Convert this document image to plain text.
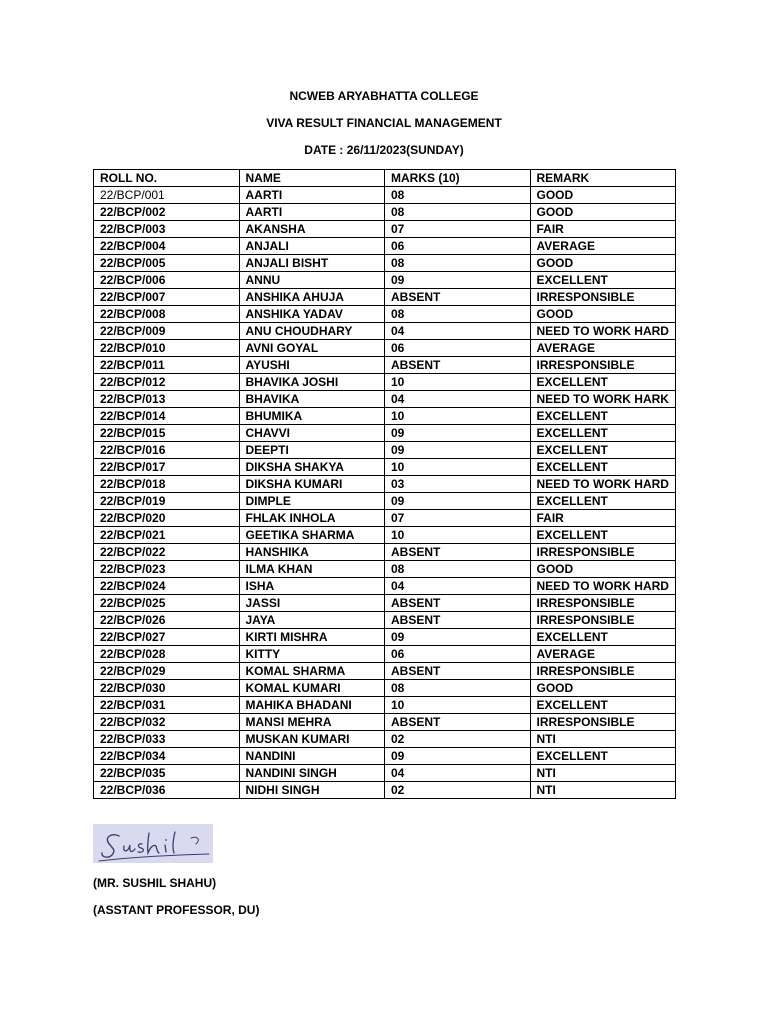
NCWEB ARYABHATTA COLLEGE
VIVA RESULT FINANCIAL MANAGEMENT
DATE : 26/11/2023(SUNDAY)
ROLL NO.	NAME	MARKS (10)	REMARK
22/BCP/001	AARTI	08	GOOD
22/BCP/002	AARTI	08	GOOD
22/BCP/003	AKANSHA	07	FAIR
22/BCP/004	ANJALI	06	AVERAGE
22/BCP/005	ANJALI BISHT	08	GOOD
22/BCP/006	ANNU	09	EXCELLENT
22/BCP/007	ANSHIKA AHUJA	ABSENT	IRRESPONSIBLE
22/BCP/008	ANSHIKA YADAV	08	GOOD
22/BCP/009	ANU CHOUDHARY	04	NEED TO WORK HARD
22/BCP/010	AVNI GOYAL	06	AVERAGE
22/BCP/011	AYUSHI	ABSENT	IRRESPONSIBLE
22/BCP/012	BHAVIKA JOSHI	10	EXCELLENT
22/BCP/013	BHAVIKA	04	NEED TO WORK HARK
22/BCP/014	BHUMIKA	10	EXCELLENT
22/BCP/015	CHAVVI	09	EXCELLENT
22/BCP/016	DEEPTI	09	EXCELLENT
22/BCP/017	DIKSHA SHAKYA	10	EXCELLENT
22/BCP/018	DIKSHA KUMARI	03	NEED TO WORK HARD
22/BCP/019	DIMPLE	09	EXCELLENT
22/BCP/020	FHLAK INHOLA	07	FAIR
22/BCP/021	GEETIKA SHARMA	10	EXCELLENT
22/BCP/022	HANSHIKA	ABSENT	IRRESPONSIBLE
22/BCP/023	ILMA KHAN	08	GOOD
22/BCP/024	ISHA	04	NEED TO WORK HARD
22/BCP/025	JASSI	ABSENT	IRRESPONSIBLE
22/BCP/026	JAYA	ABSENT	IRRESPONSIBLE
22/BCP/027	KIRTI MISHRA	09	EXCELLENT
22/BCP/028	KITTY	06	AVERAGE
22/BCP/029	KOMAL SHARMA	ABSENT	IRRESPONSIBLE
22/BCP/030	KOMAL KUMARI	08	GOOD
22/BCP/031	MAHIKA BHADANI	10	EXCELLENT
22/BCP/032	MANSI MEHRA	ABSENT	IRRESPONSIBLE
22/BCP/033	MUSKAN KUMARI	02	NTI
22/BCP/034	NANDINI	09	EXCELLENT
22/BCP/035	NANDINI SINGH	04	NTI
22/BCP/036	NIDHI SINGH	02	NTI
(MR. SUSHIL SHAHU)
(ASSTANT PROFESSOR, DU)
